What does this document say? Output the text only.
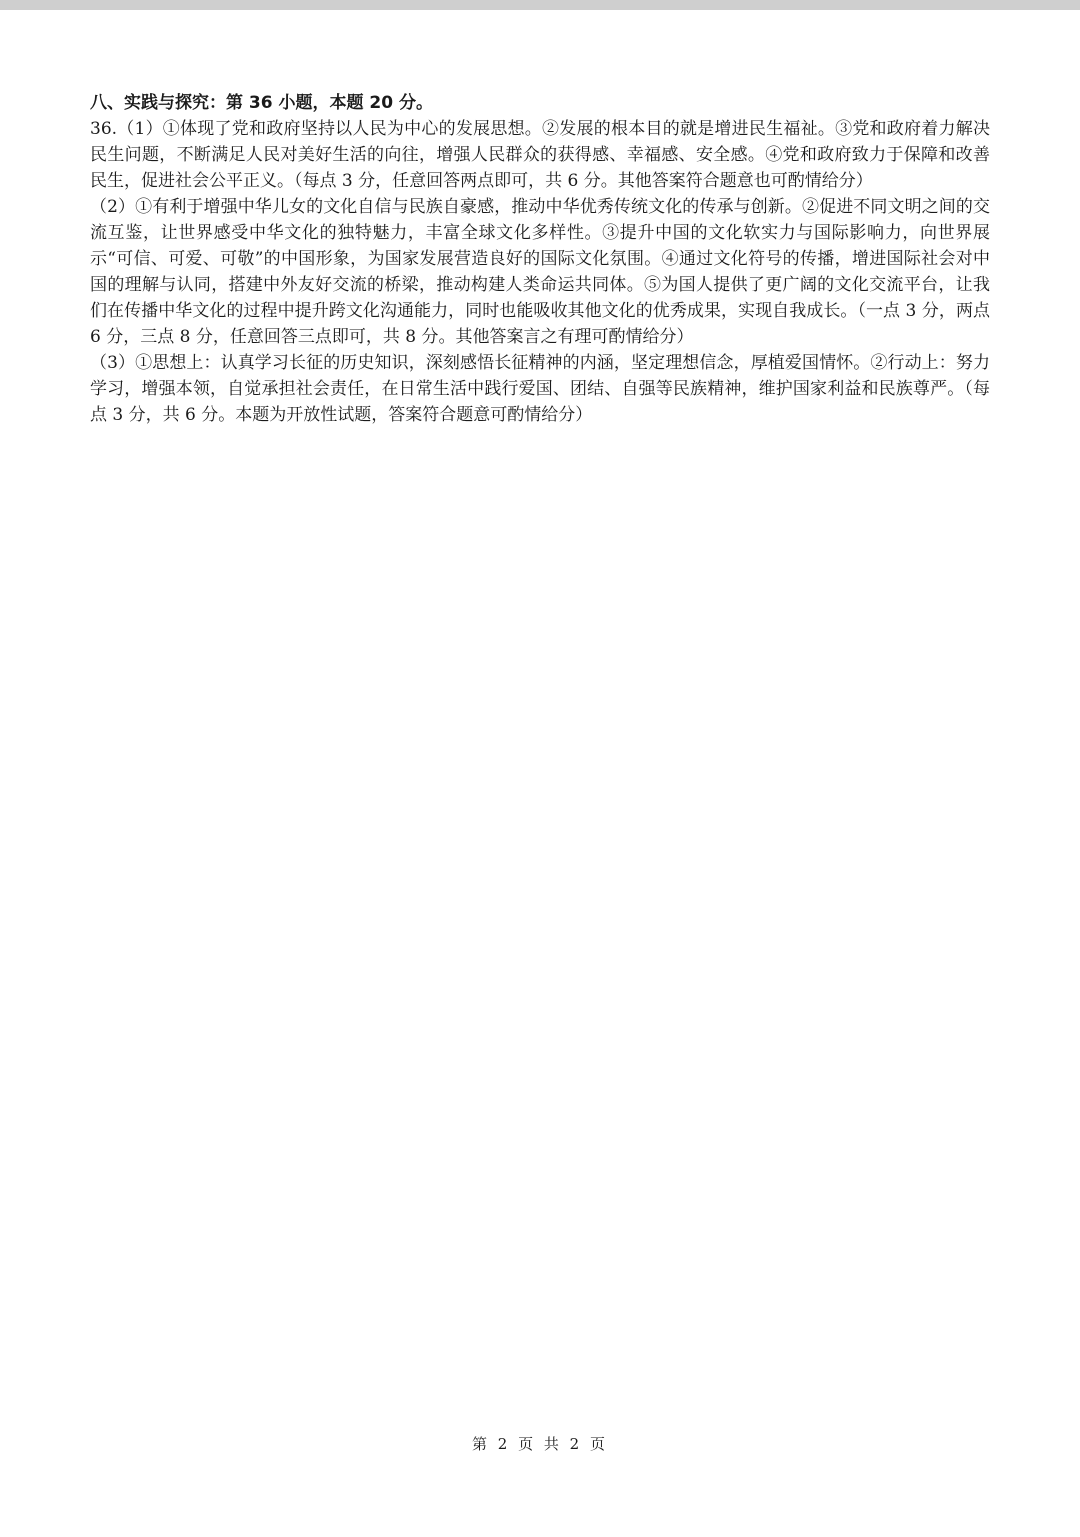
八、实践与探究：第 36 小题，本题 20 分。

36.（1）①体现了党和政府坚持以人民为中心的发展思想。②发展的根本目的就是增进民生福祉。③党和政府着力解决民生问题，不断满足人民对美好生活的向往，增强人民群众的获得感、幸福感、安全感。④党和政府致力于保障和改善民生，促进社会公平正义。（每点 3 分，任意回答两点即可，共 6 分。其他答案符合题意也可酌情给分）

（2）①有利于增强中华儿女的文化自信与民族自豪感，推动中华优秀传统文化的传承与创新。②促进不同文明之间的交流互鉴，让世界感受中华文化的独特魅力，丰富全球文化多样性。③提升中国的文化软实力与国际影响力，向世界展示“可信、可爱、可敬”的中国形象，为国家发展营造良好的国际文化氛围。④通过文化符号的传播，增进国际社会对中国的理解与认同，搭建中外友好交流的桥梁，推动构建人类命运共同体。⑤为国人提供了更广阔的文化交流平台，让我们在传播中华文化的过程中提升跨文化沟通能力，同时也能吸收其他文化的优秀成果，实现自我成长。（一点 3 分，两点 6 分，三点 8 分，任意回答三点即可，共 8 分。其他答案言之有理可酌情给分）

（3）①思想上：认真学习长征的历史知识，深刻感悟长征精神的内涵，坚定理想信念，厚植爱国情怀。②行动上：努力学习，增强本领，自觉承担社会责任，在日常生活中践行爱国、团结、自强等民族精神，维护国家利益和民族尊严。（每点 3 分，共 6 分。本题为开放性试题，答案符合题意可酌情给分）

第 2 页 共 2 页
